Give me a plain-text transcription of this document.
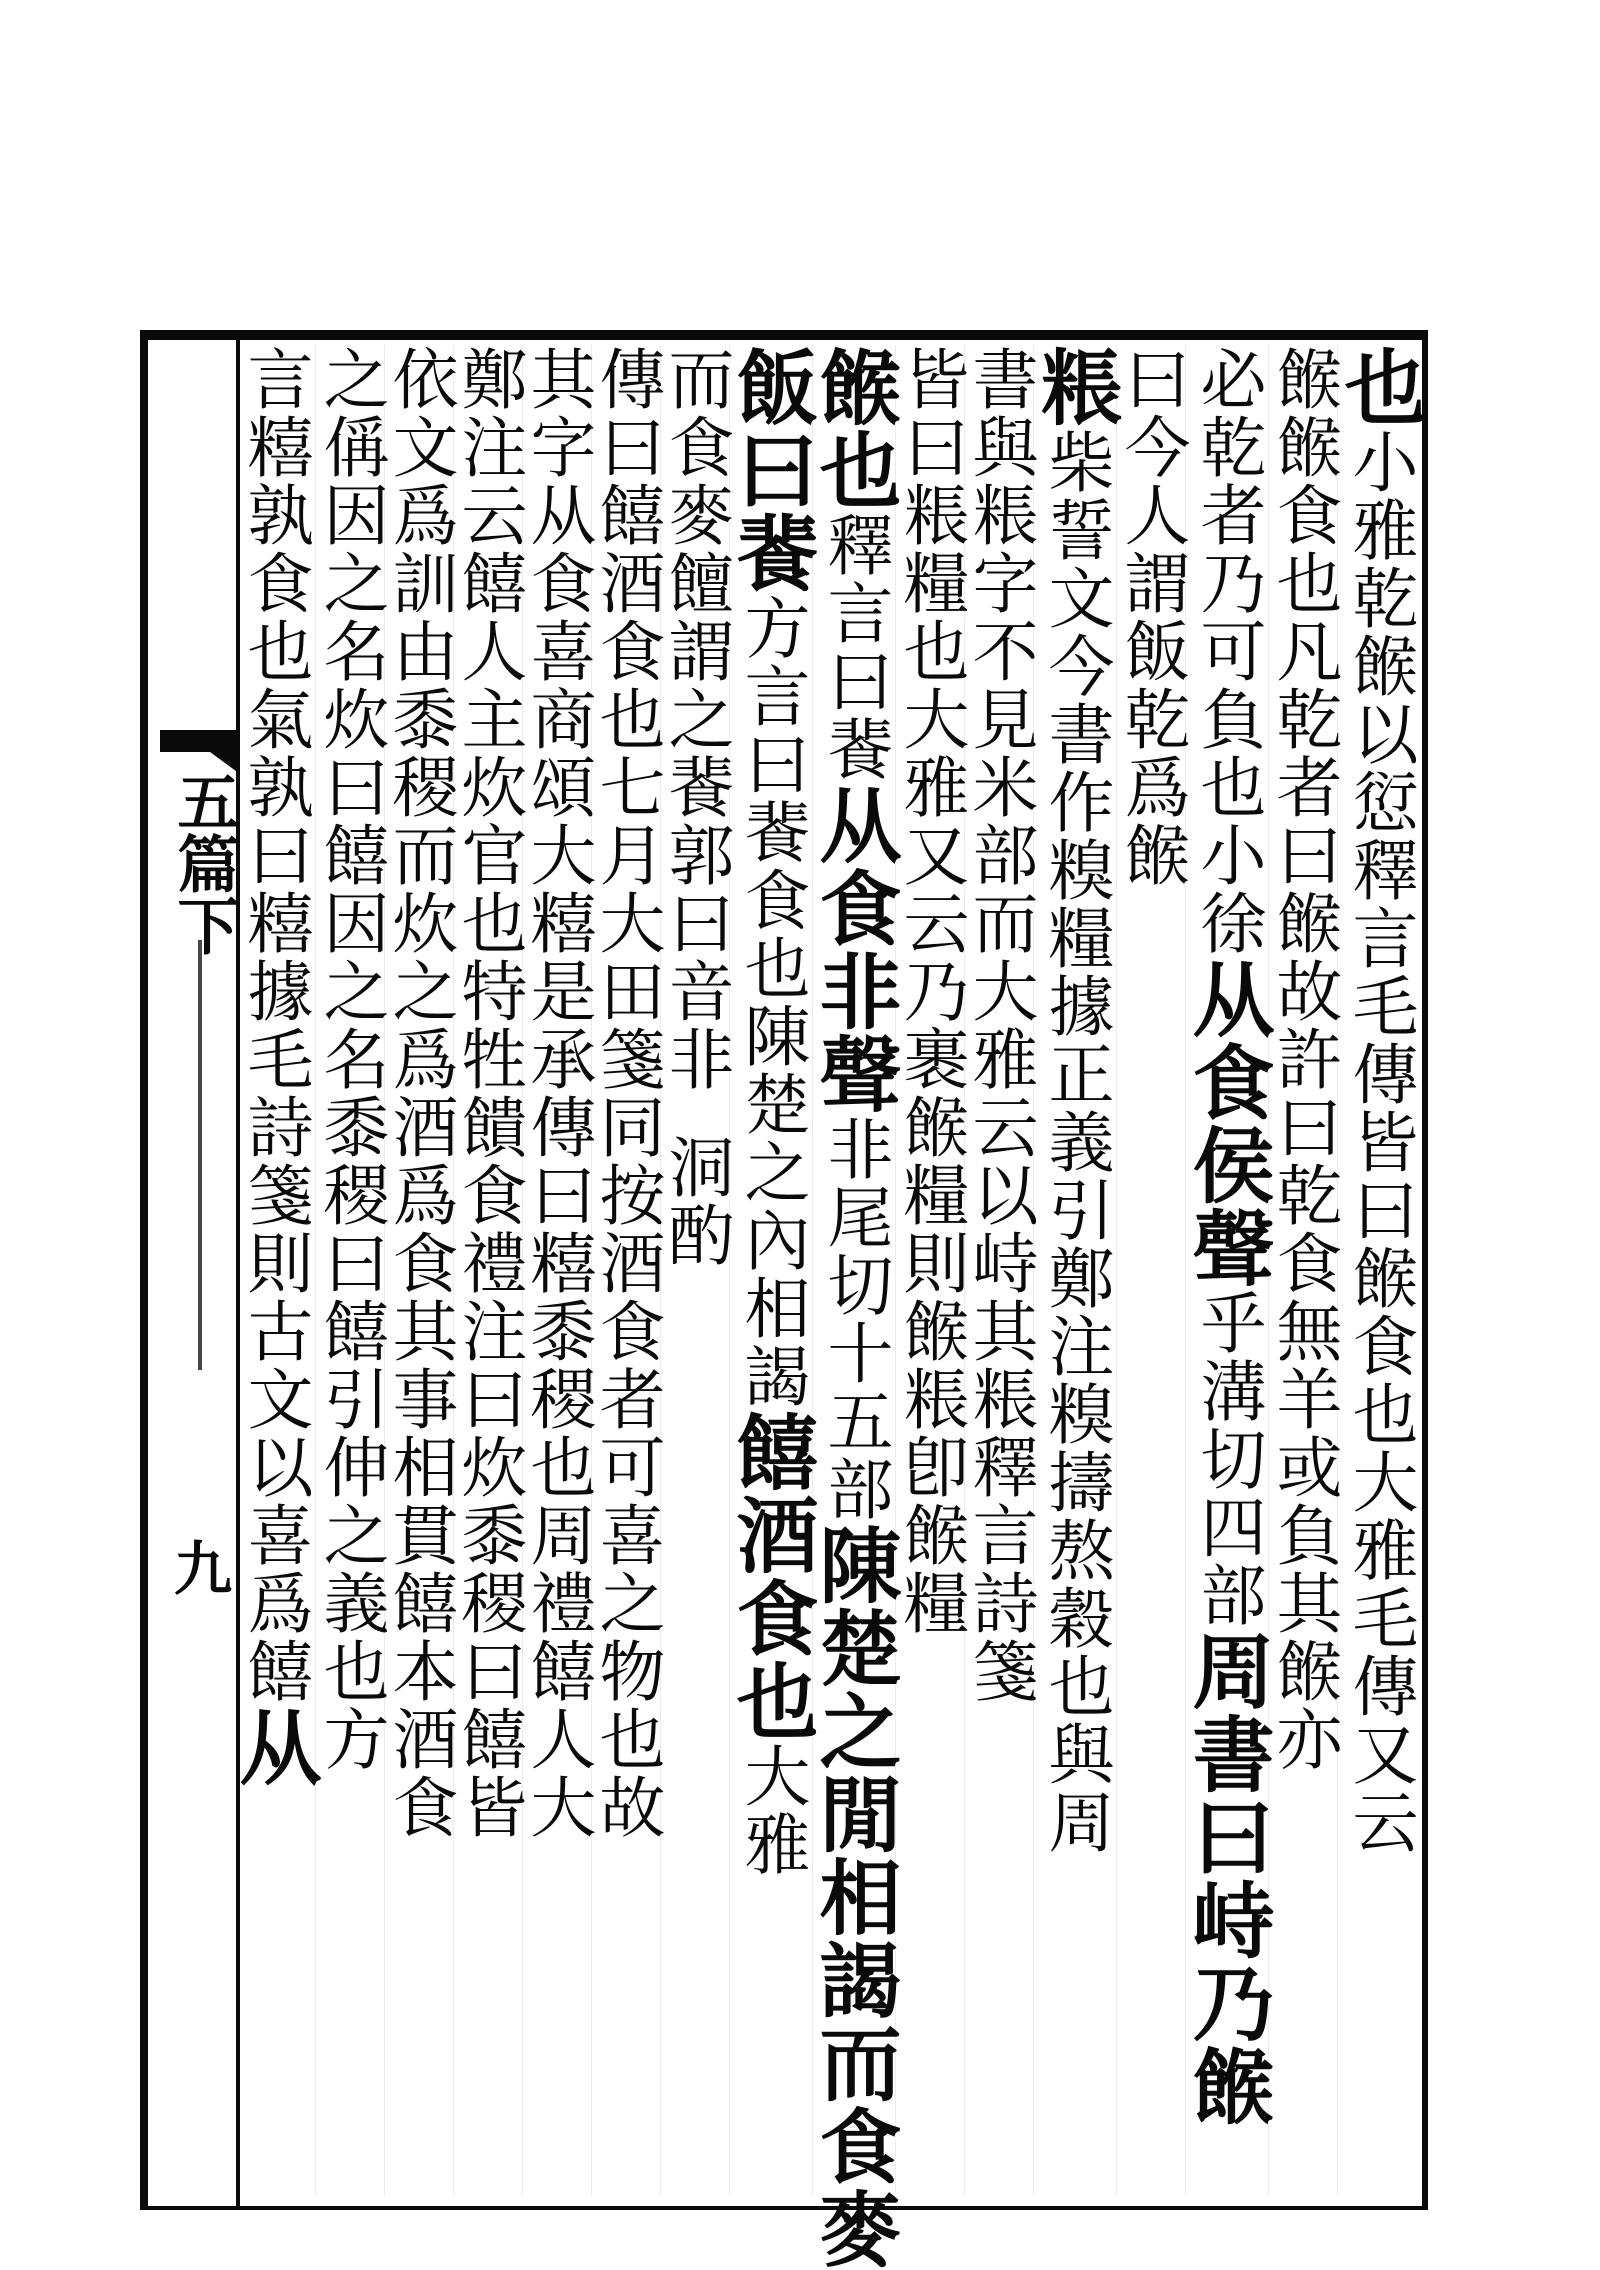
五篇下
九
也
小雅乾餱以愆釋言毛傳皆曰餱食也大雅毛傳又云
餱餱食也凡乾者曰餱故許曰乾食無羊或負其餱亦
必乾者乃可負也小徐
从食侯聲
乎溝切四部
周書曰峙乃餱
曰今人謂飯乾爲餱
粻
柴誓文今書作糗糧據正義引鄭注糗擣熬穀也與周
書與粻字不見米部而大雅云以峙其粻釋言詩箋
皆曰粻糧也大雅又云乃裹餱糧則餱粻卽餱糧
餱也
釋言曰餥
从食非聲
非尾切十五部
陳楚之閒相謁而食麥
飯曰餥
方言曰餥食也陳楚之內相謁
饎酒食也
大雅
而食麥饘謂之餥郭曰音非
洞酌
傳曰饎酒食也七月大田箋同按酒食者可喜之物也故
其字从食喜商頌大糦是承傳曰糦黍稷也周禮饎人大
鄭注云饎人主炊官也特牲饋食禮注曰炊黍稷曰饎皆
依文爲訓由黍稷而炊之爲酒爲食其事相貫饎本酒食
之偁因之名炊曰饎因之名黍稷曰饎引伸之義也方
言糦孰食也氣孰曰糦據毛詩箋則古文以喜爲饎
从
